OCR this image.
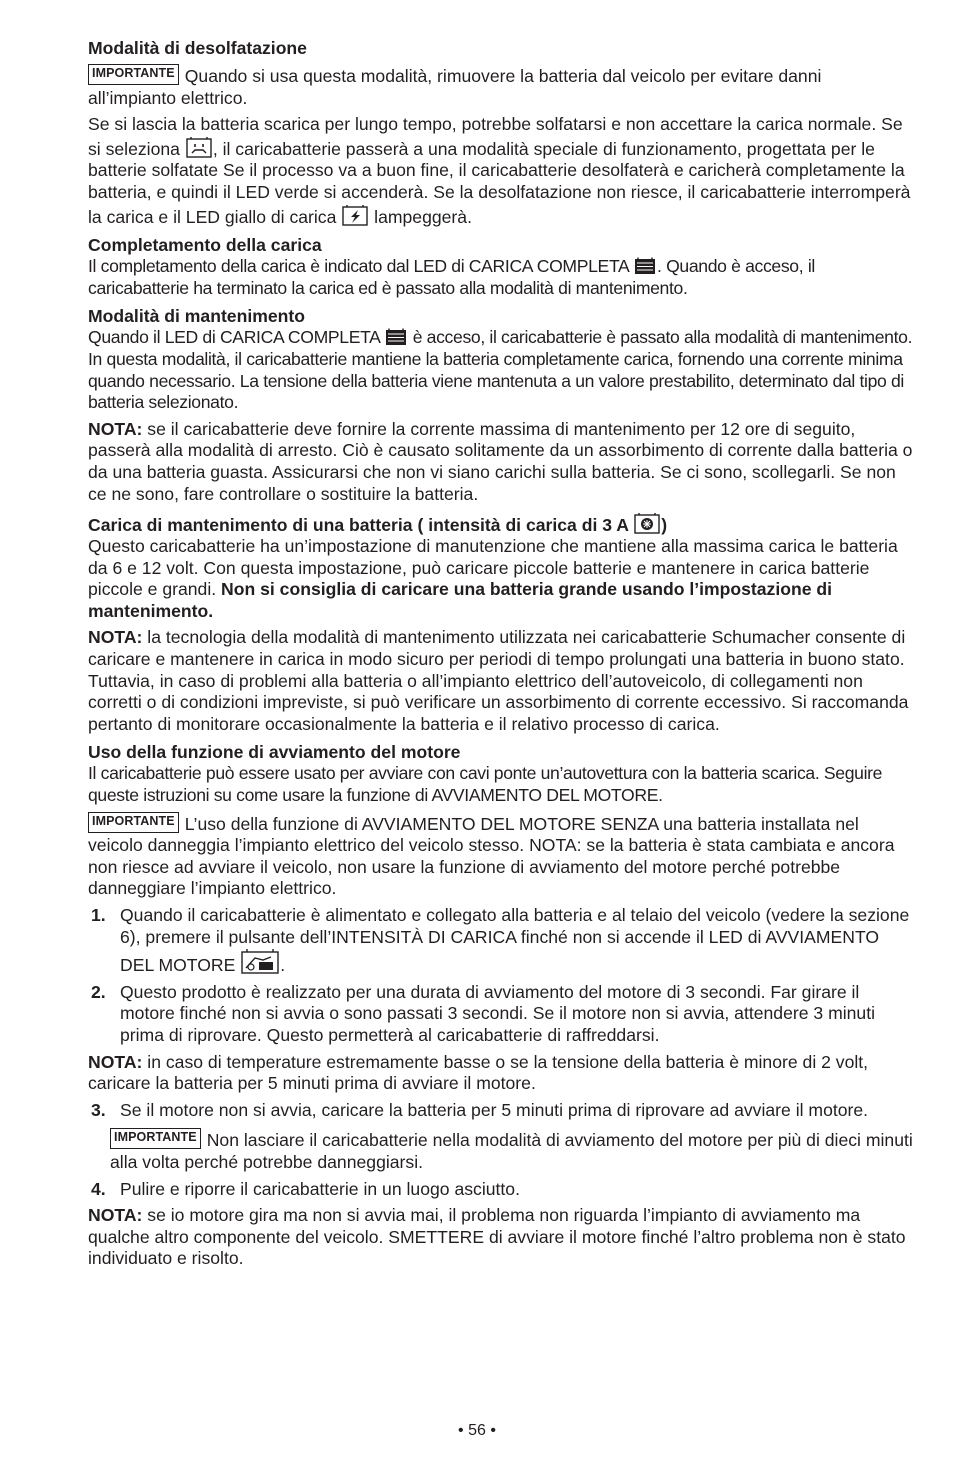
Modalità di desolfatazione

IMPORTANTE Quando si usa questa modalità, rimuovere la batteria dal veicolo per evitare danni all’impianto elettrico.

Se si lascia la batteria scarica per lungo tempo, potrebbe solfatarsi e non accettare la carica normale. Se si seleziona , il caricabatterie passerà a una modalità speciale di funzionamento, progettata per le batterie solfatate Se il processo va a buon fine, il caricabatterie desolfaterà e caricherà completamente la batteria, e quindi il LED verde si accenderà. Se la desolfatazione non riesce, il caricabatterie interromperà la carica e il LED giallo di carica lampeggerà.

Completamento della carica

Il completamento della carica è indicato dal LED di CARICA COMPLETA . Quando è acceso, il caricabatterie ha terminato la carica ed è passato alla modalità di mantenimento.

Modalità di mantenimento

Quando il LED di CARICA COMPLETA è acceso, il caricabatterie è passato alla modalità di mantenimento. In questa modalità, il caricabatterie mantiene la batteria completamente carica, fornendo una corrente minima quando necessario. La tensione della batteria viene mantenuta a un valore prestabilito, determinato dal tipo di batteria selezionato.

NOTA: se il caricabatterie deve fornire la corrente massima di mantenimento per 12 ore di seguito, passerà alla modalità di arresto. Ciò è causato solitamente da un assorbimento di corrente dalla batteria o da una batteria guasta. Assicurarsi che non vi siano carichi sulla batteria. Se ci sono, scollegarli. Se non ce ne sono, fare controllare o sostituire la batteria.

Carica di mantenimento di una batteria ( intensità di carica di 3 A )

Questo caricabatterie ha un’impostazione di manutenzione che mantiene alla massima carica le batteria da 6 e 12 volt. Con questa impostazione, può caricare piccole batterie e mantenere in carica batterie piccole e grandi. Non si consiglia di caricare una batteria grande usando l’impostazione di mantenimento.

NOTA: la tecnologia della modalità di mantenimento utilizzata nei caricabatterie Schumacher consente di caricare e mantenere in carica in modo sicuro per periodi di tempo prolungati una batteria in buono stato. Tuttavia, in caso di problemi alla batteria o all’impianto elettrico dell’autoveicolo, di collegamenti non corretti o di condizioni impreviste, si può verificare un assorbimento di corrente eccessivo. Si raccomanda pertanto di monitorare occasionalmente la batteria e il relativo processo di carica.

Uso della funzione di avviamento del motore

Il caricabatterie può essere usato per avviare con cavi ponte un’autovettura con la batteria scarica. Seguire queste istruzioni su come usare la funzione di AVVIAMENTO DEL MOTORE.

IMPORTANTE L’uso della funzione di AVVIAMENTO DEL MOTORE SENZA una batteria installata nel veicolo danneggia l’impianto elettrico del veicolo stesso. NOTA: se la batteria è stata cambiata e ancora non riesce ad avviare il veicolo, non usare la funzione di avviamento del motore perché potrebbe danneggiare l’impianto elettrico.

1. Quando il caricabatterie è alimentato e collegato alla batteria e al telaio del veicolo (vedere la sezione 6), premere il pulsante dell’INTENSITÀ DI CARICA finché non si accende il LED di AVVIAMENTO DEL MOTORE	.
2. Questo prodotto è realizzato per una durata di avviamento del motore di 3 secondi. Far girare il motore finché non si avvia o sono passati 3 secondi. Se il motore non si avvia, attendere 3 minuti prima di riprovare. Questo permetterà al caricabatterie di raffreddarsi.

NOTA: in caso di temperature estremamente basse o se la tensione della batteria è minore di 2 volt, caricare la batteria per 5 minuti prima di avviare il motore.

3. Se il motore non si avvia, caricare la batteria per 5 minuti prima di riprovare ad avviare il motore.

IMPORTANTE Non lasciare il caricabatterie nella modalità di avviamento del motore per più di dieci minuti alla volta perché potrebbe danneggiarsi.

4. Pulire e riporre il caricabatterie in un luogo asciutto.

NOTA: se io motore gira ma non si avvia mai, il problema non riguarda l’impianto di avviamento ma qualche altro componente del veicolo. SMETTERE di avviare il motore finché l’altro problema non è stato individuato e risolto.

• 56 •
